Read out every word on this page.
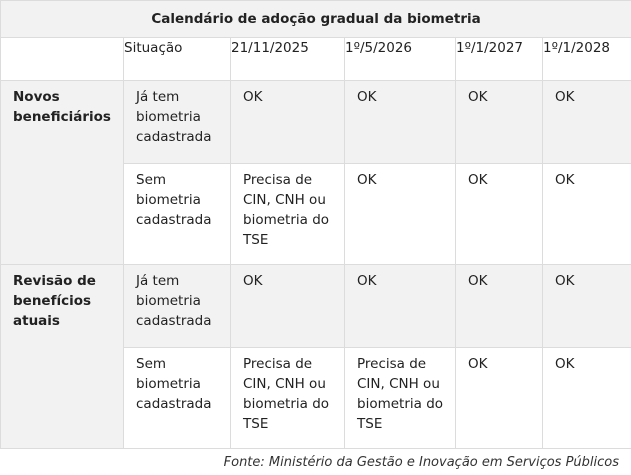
Calendário de adoção gradual da biometria					
	Situação	21/11/2025	1º/5/2026	1º/1/2027	1º/1/2028
Novos beneficiários	Já tem biometria cadastrada	OK	OK	OK	OK
	Sem biometria cadastrada	Precisa de CIN, CNH ou biometria do TSE	OK	OK	OK
Revisão de benefícios atuais	Já tem biometria cadastrada	OK	OK	OK	OK
	Sem biometria cadastrada	Precisa de CIN, CNH ou biometria do TSE	Precisa de CIN, CNH ou biometria do TSE	OK	OK
Fonte: Ministério da Gestão e Inovação em Serviços Públicos
